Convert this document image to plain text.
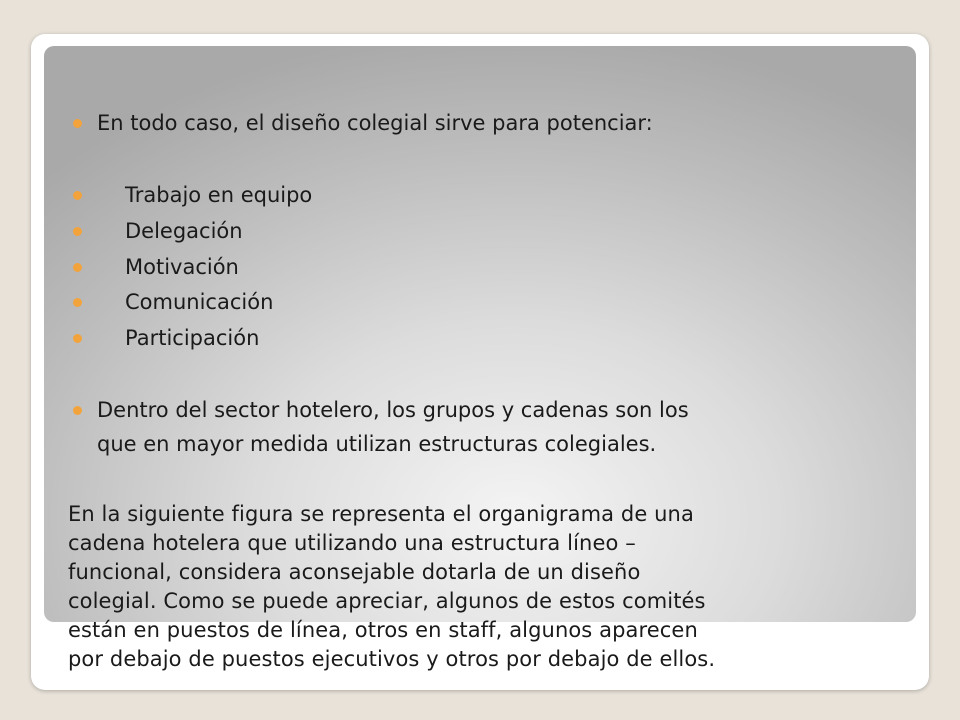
En todo caso, el diseño colegial sirve para potenciar:
Trabajo en equipo
Delegación
Motivación
Comunicación
Participación
Dentro del sector hotelero, los grupos y cadenas son los
que en mayor medida utilizan estructuras colegiales.
En la siguiente figura se representa el organigrama de una
cadena hotelera que utilizando una estructura líneo –
funcional, considera aconsejable dotarla de un diseño
colegial. Como se puede apreciar, algunos de estos comités
están en puestos de línea, otros en staff, algunos aparecen
por debajo de puestos ejecutivos y otros por debajo de ellos.
